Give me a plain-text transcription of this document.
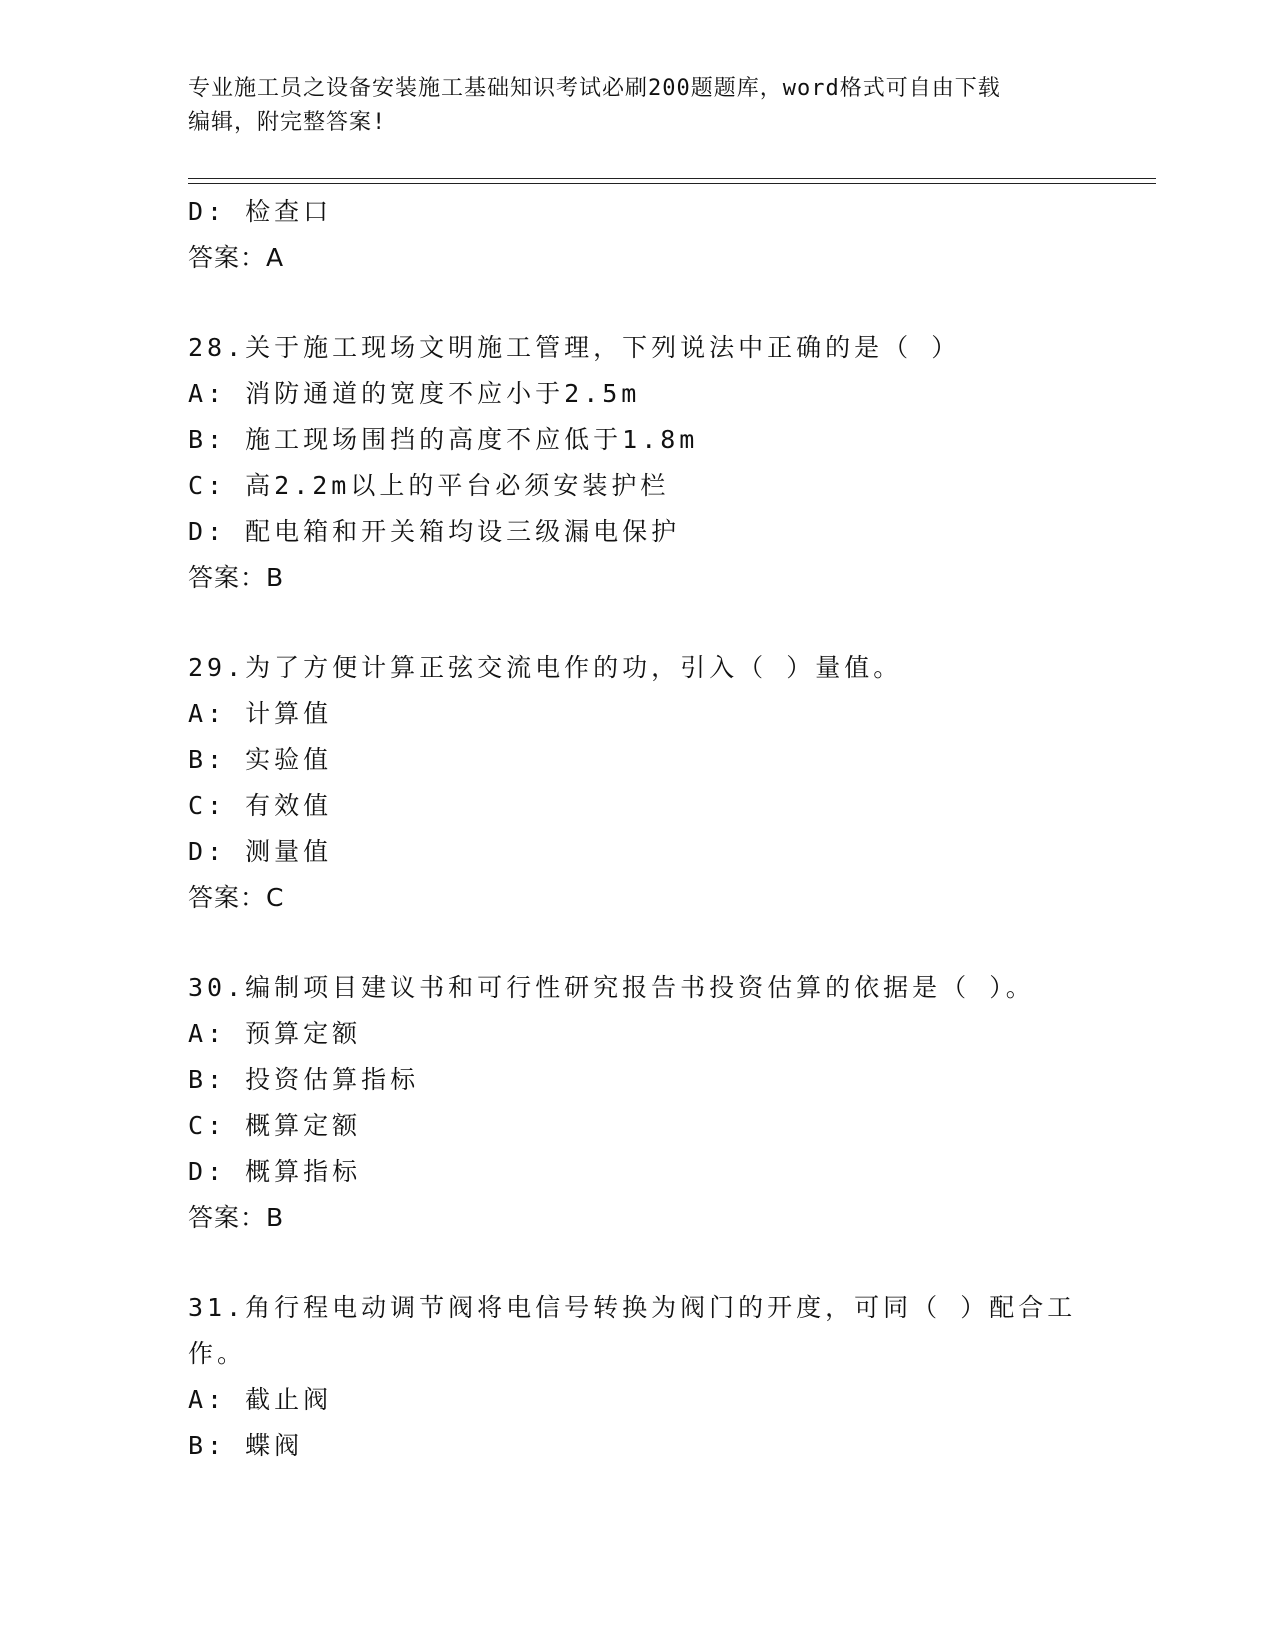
专业施工员之设备安装施工基础知识考试必刷200题题库，word格式可自由下载
编辑，附完整答案!
D: 检查口
答案：A
28.关于施工现场文明施工管理，下列说法中正确的是（ ）
A: 消防通道的宽度不应小于2.5m
B: 施工现场围挡的高度不应低于1.8m
C: 高2.2m以上的平台必须安装护栏
D: 配电箱和开关箱均设三级漏电保护
答案：B
29.为了方便计算正弦交流电作的功，引入（ ）量值。
A: 计算值
B: 实验值
C: 有效值
D: 测量值
答案：C
30.编制项目建议书和可行性研究报告书投资估算的依据是（ ）。
A: 预算定额
B: 投资估算指标
C: 概算定额
D: 概算指标
答案：B
31.角行程电动调节阀将电信号转换为阀门的开度，可同（ ）配合工
作。
A: 截止阀
B: 蝶阀
